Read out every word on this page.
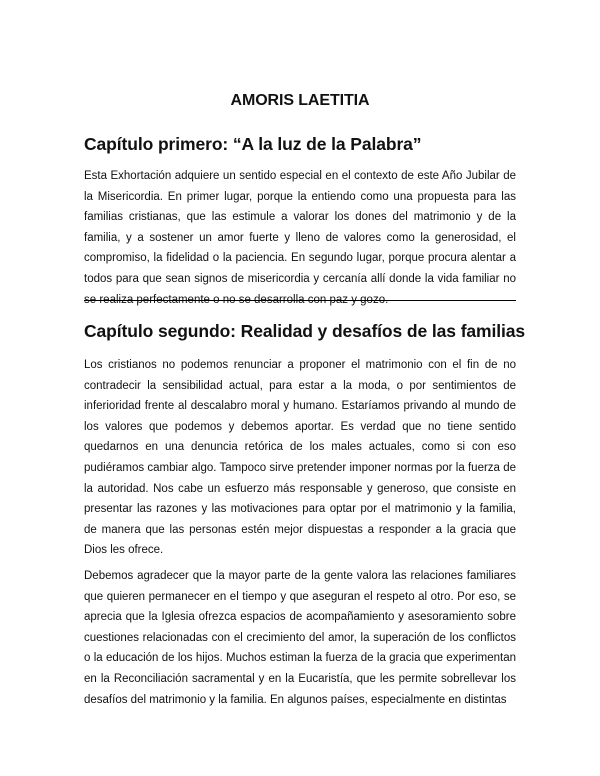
AMORIS LAETITIA
Capítulo primero: “A la luz de la Palabra”

Esta Exhortación adquiere un sentido especial en el contexto de este Año Jubilar de la Misericordia. En primer lugar, porque la entiendo como una propuesta para las familias cristianas, que las estimule a valorar los dones del matrimonio y de la familia, y a sostener un amor fuerte y lleno de valores como la generosidad, el compromiso, la fidelidad o la paciencia. En segundo lugar, porque procura alentar a todos para que sean signos de misericordia y cercanía allí donde la vida familiar no se realiza perfectamente o no se desarrolla con paz y gozo.

Capítulo segundo: Realidad y desafíos de las familias

Los cristianos no podemos renunciar a proponer el matrimonio con el fin de no contradecir la sensibilidad actual, para estar a la moda, o por sentimientos de inferioridad frente al descalabro moral y humano. Estaríamos privando al mundo de los valores que podemos y debemos aportar. Es verdad que no tiene sentido quedarnos en una denuncia retórica de los males actuales, como si con eso pudiéramos cambiar algo. Tampoco sirve pretender imponer normas por la fuerza de la autoridad. Nos cabe un esfuerzo más responsable y generoso, que consiste en presentar las razones y las motivaciones para optar por el matrimonio y la familia, de manera que las personas estén mejor dispuestas a responder a la gracia que Dios les ofrece.

Debemos agradecer que la mayor parte de la gente valora las relaciones familiares que quieren permanecer en el tiempo y que aseguran el respeto al otro. Por eso, se aprecia que la Iglesia ofrezca espacios de acompañamiento y asesoramiento sobre cuestiones relacionadas con el crecimiento del amor, la superación de los conflictos o la educación de los hijos. Muchos estiman la fuerza de la gracia que experimentan en la Reconciliación sacramental y en la Eucaristía, que les permite sobrellevar los desafíos del matrimonio y la familia. En algunos países, especialmente en distintas
